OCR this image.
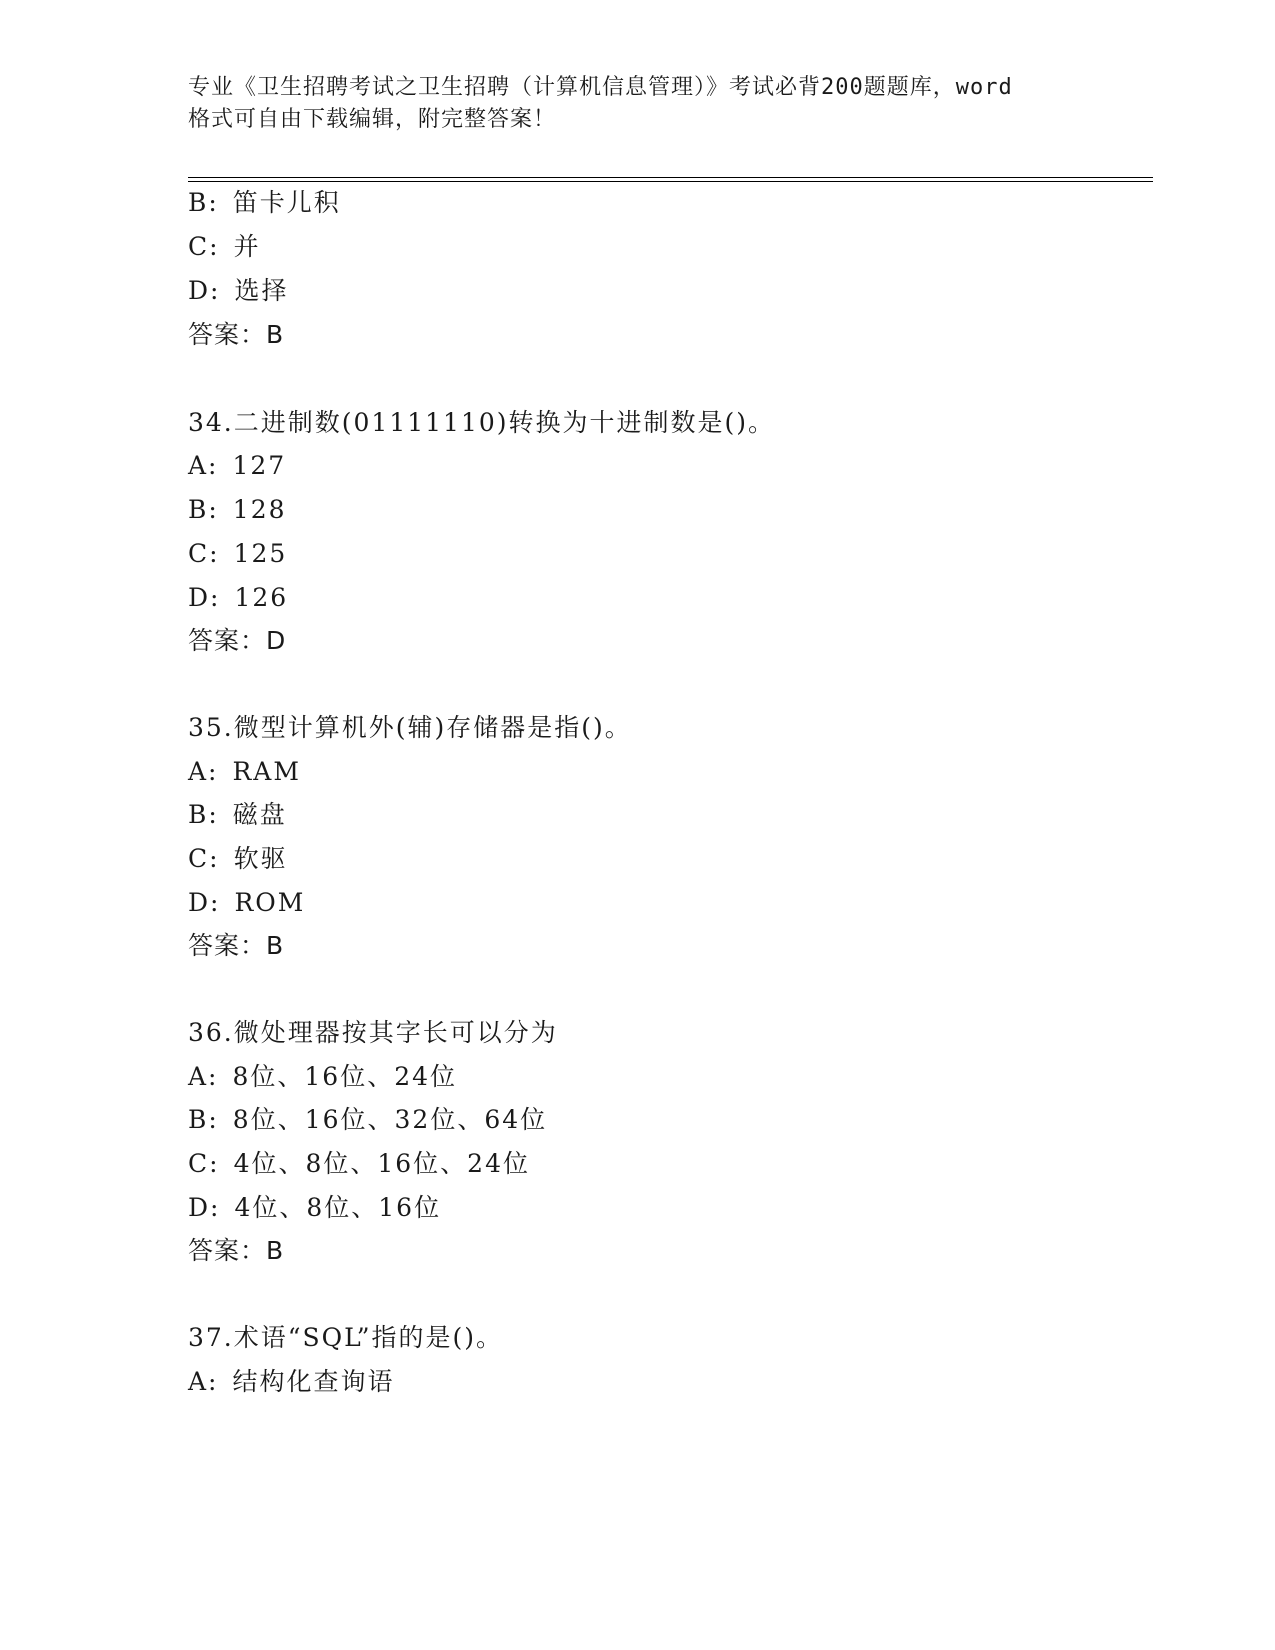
专业《卫生招聘考试之卫生招聘（计算机信息管理）》考试必背200题题库，word
格式可自由下载编辑，附完整答案！
B: 笛卡儿积
C: 并
D: 选择
答案：B
34.二进制数(01111110)转换为十进制数是()。
A: 127
B: 128
C: 125
D: 126
答案：D
35.微型计算机外(辅)存储器是指()。
A: RAM
B: 磁盘
C: 软驱
D: ROM
答案：B
36.微处理器按其字长可以分为
A: 8位、16位、24位
B: 8位、16位、32位、64位
C: 4位、8位、16位、24位
D: 4位、8位、16位
答案：B
37.术语“SQL”指的是()。
A: 结构化查询语
